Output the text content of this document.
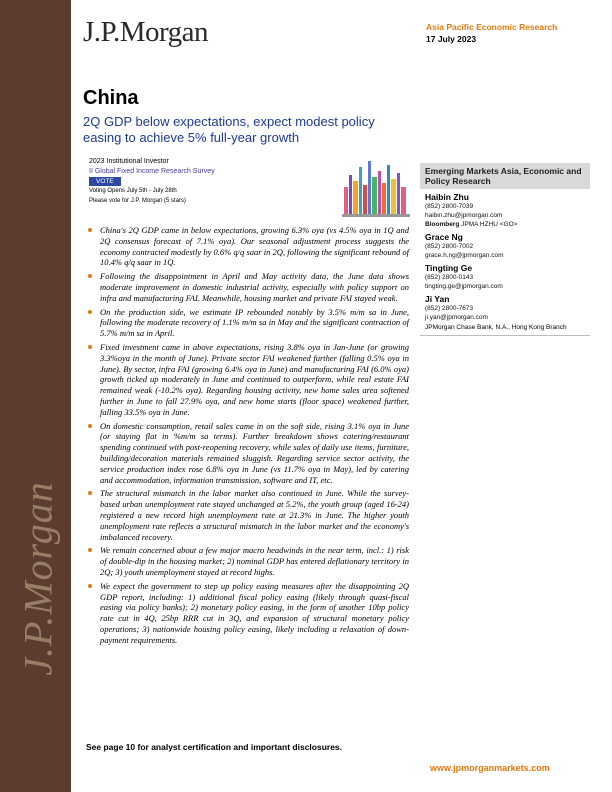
J.P.Morgan
J.P.Morgan	Asia Pacific Economic Research
17 July 2023
China
2Q GDP below expectations, expect modest policy easing to achieve 5% full-year growth
2023 Institutional Investor
II Global Fixed Income Research Survey
VOTE
Voting Opens July 5th - July 28th
Please vote for J.P. Morgan (5 stars)
China's 2Q GDP came in below expectations, growing 6.3% oya (vs 4.5% oya in 1Q and 2Q consensus forecast of 7.1% oya). Our seasonal adjustment process suggests the economy contracted modestly by 0.6% q/q saar in 2Q, following the significant rebound of 10.4% q/q saar in 1Q.
Following the disappointment in April and May activity data, the June data shows moderate improvement in domestic industrial activity, especially with policy support on infra and manufacturing FAI. Meanwhile, housing market and private FAI stayed weak.
On the production side, we estimate IP rebounded notably by 3.5% m/m sa in June, following the moderate recovery of 1.1% m/m sa in May and the significant contraction of 5.7% m/m sa in April.
Fixed investment came in above expectations, rising 3.8% oya in Jan-June (or growing 3.3%oya in the month of June). Private sector FAI weakened further (falling 0.5% oya in June). By sector, infra FAI (growing 6.4% oya in June) and manufacturing FAI (6.0% oya) growth ticked up moderately in June and continued to outperform, while real estate FAI remained weak (-10.2% oya). Regarding housing activity, new home sales area softened further in June to fall 27.9% oya, and new home starts (floor space) weakened further, falling 33.5% oya in June.
On domestic consumption, retail sales came in on the soft side, rising 3.1% oya in June (or staying flat in %m/m sa terms). Further breakdown shows catering/restaurant spending continued with post-reopening recovery, while sales of daily use items, furniture, building/decoration materials remained sluggish. Regarding service sector activity, the service production index rose 6.8% oya in June (vs 11.7% oya in May), led by catering and accommodation, information transmission, software and IT, etc.
The structural mismatch in the labor market also continued in June. While the survey-based urban unemployment rate stayed unchanged at 5.2%, the youth group (aged 16-24) registered a new record high unemployment rate at 21.3% in June. The higher youth unemployment rate reflects a structural mismatch in the labor market and the economy's imbalanced recovery.
We remain concerned about a few major macro headwinds in the near term, incl.: 1) risk of double-dip in the housing market; 2) nominal GDP has entered deflationary territory in 2Q; 3) youth unemployment stayed at record highs.
We expect the government to step up policy easing measures after the disappointing 2Q GDP report, including: 1) additional fiscal policy easing (likely through quasi-fiscal easing via policy banks); 2) monetary policy easing, in the form of another 10bp policy rate cut in 4Q, 25bp RRR cut in 3Q, and expansion of structural monetary policy operations; 3) nationwide housing policy easing, likely including a relaxation of down-payment requirements.
See page 10 for analyst certification and important disclosures.
www.jpmorganmarkets.com
Emerging Markets Asia, Economic and Policy Research
Haibin Zhu
(852) 2800-7039
haibin.zhu@jpmorgan.com
Bloomberg JPMA HZHU <GO>
Grace Ng
(852) 2800-7002
grace.h.ng@jpmorgan.com
Tingting Ge
(852) 2800-0143
tingting.ge@jpmorgan.com
Ji Yan
(852) 2800-7673
ji.yan@jpmorgan.com
JPMorgan Chase Bank, N.A., Hong Kong Branch
